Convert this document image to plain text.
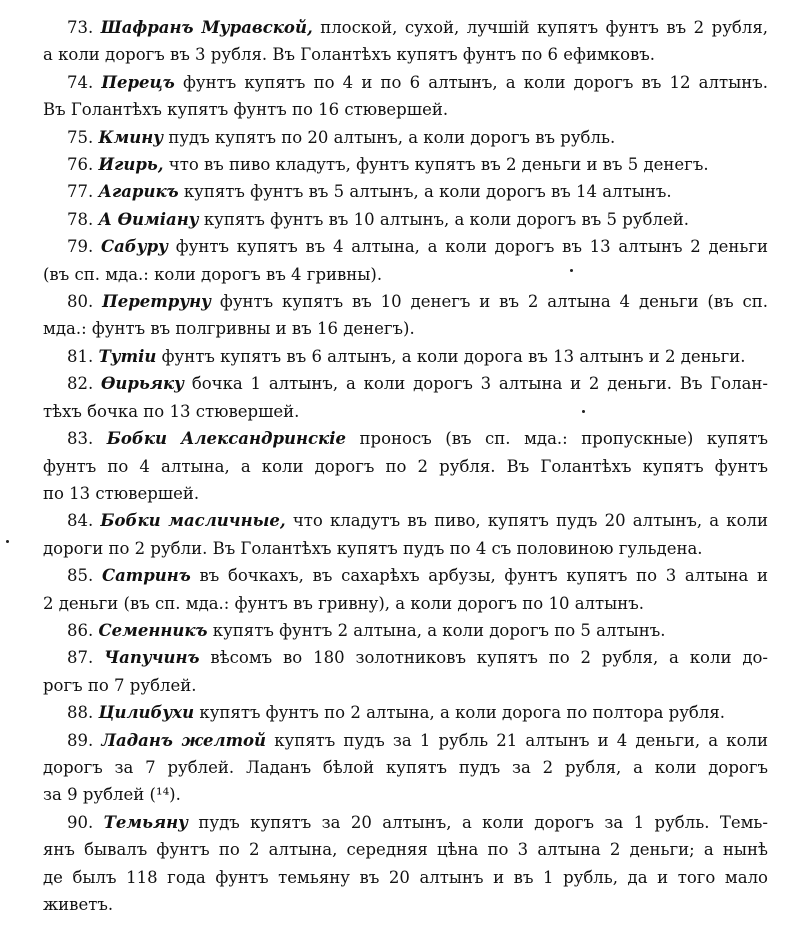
73. Шафранъ Муравской, плоской, сухой, лучшій купятъ фунтъ въ 2 рубля,
а коли дорогъ въ 3 рубля. Въ Голантѣхъ купятъ фунтъ по 6 ефимковъ.
74. Перецъ фунтъ купятъ по 4 и по 6 алтынъ, а коли дорогъ въ 12 алтынъ.
Въ Голантѣхъ купятъ фунтъ по 16 стювершей.
75. Кмину пудъ купятъ по 20 алтынъ, а коли дорогъ въ рубль.
76. Игирь, что въ пиво кладутъ, фунтъ купятъ въ 2 деньги и въ 5 денегъ.
77. Агарикъ купятъ фунтъ въ 5 алтынъ, а коли дорогъ въ 14 алтынъ.
78. А Ѳиміану купятъ фунтъ въ 10 алтынъ, а коли дорогъ въ 5 рублей.
79. Сабуру фунтъ купятъ въ 4 алтына, а коли дорогъ въ 13 алтынъ 2 деньги
(въ сп. мда.: коли дорогъ въ 4 гривны).
80. Перетруну фунтъ купятъ въ 10 денегъ и въ 2 алтына 4 деньги (въ сп.
мда.: фунтъ въ полгривны и въ 16 денегъ).
81. Тутіи фунтъ купятъ въ 6 алтынъ, а коли дорога въ 13 алтынъ и 2 деньги.
82. Ѳирьяку бочка 1 алтынъ, а коли дорогъ 3 алтына и 2 деньги. Въ Голан-
тѣхъ бочка по 13 стювершей.
83. Бобки Александринскіе проносъ (въ сп. мда.: пропускные) купятъ
фунтъ по 4 алтына, а коли дорогъ по 2 рубля. Въ Голантѣхъ купятъ фунтъ
по 13 стювершей.
84. Бобки масличные, что кладутъ въ пиво, купятъ пудъ 20 алтынъ, а коли
дороги по 2 рубли. Въ Голантѣхъ купятъ пудъ по 4 съ половиною гульдена.
85. Сатринъ въ бочкахъ, въ сахарѣхъ арбузы, фунтъ купятъ по 3 алтына и
2 деньги (въ сп. мда.: фунтъ въ гривну), а коли дорогъ по 10 алтынъ.
86. Семенникъ купятъ фунтъ 2 алтына, а коли дорогъ по 5 алтынъ.
87. Чапучинъ вѣсомъ во 180 золотниковъ купятъ по 2 рубля, а коли до-
рогъ по 7 рублей.
88. Цилибухи купятъ фунтъ по 2 алтына, а коли дорога по полтора рубля.
89. Ладанъ желтой купятъ пудъ за 1 рубль 21 алтынъ и 4 деньги, а коли
дорогъ за 7 рублей. Ладанъ бѣлой купятъ пудъ за 2 рубля, а коли дорогъ
за 9 рублей (¹⁴).
90. Темьяну пудъ купятъ за 20 алтынъ, а коли дорогъ за 1 рубль. Темь-
янъ бывалъ фунтъ по 2 алтына, середняя цѣна по 3 алтына 2 деньги; а нынѣ
де былъ 118 года фунтъ темьяну въ 20 алтынъ и въ 1 рубль, да и того мало
живетъ.
